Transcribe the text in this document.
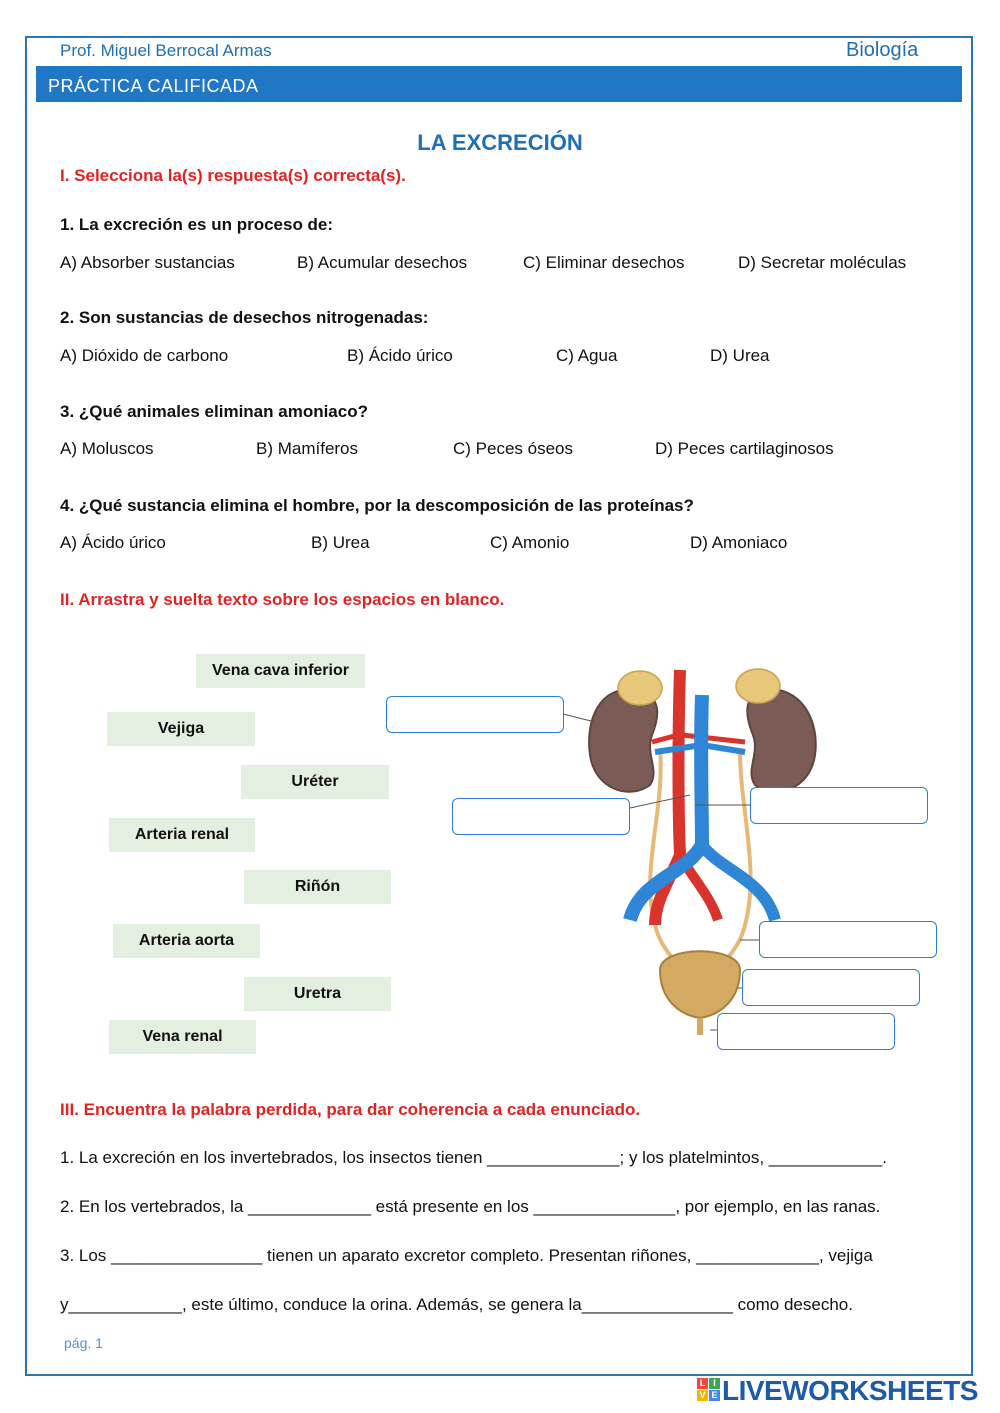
Prof. Miguel Berrocal Armas	Biología
PRÁCTICA CALIFICADA
LA EXCRECIÓN
I. Selecciona la(s) respuesta(s) correcta(s).
1. La excreción es un proceso de:
A) Absorber sustancias	B) Acumular desechos	C) Eliminar desechos	D) Secretar moléculas
2. Son sustancias de desechos nitrogenadas:
A) Dióxido de carbono	B) Ácido úrico	C) Agua	D) Urea
3. ¿Qué animales eliminan amoniaco?
A) Moluscos	B) Mamíferos	C) Peces óseos	D) Peces cartilaginosos
4. ¿Qué sustancia elimina el hombre, por la descomposición de las proteínas?
A) Ácido úrico	B) Urea	C) Amonio	D) Amoniaco
II. Arrastra y suelta texto sobre los espacios en blanco.
Vena cava inferior
Vejiga
Uréter
Arteria renal
Riñón
Arteria aorta
Uretra
Vena renal
III. Encuentra la palabra perdida, para dar coherencia a cada enunciado.
1. La excreción en los invertebrados, los insectos tienen ______________; y los platelmintos, ____________.
2. En los vertebrados, la _____________ está presente en los _______________, por ejemplo, en las ranas.
3. Los ________________ tienen un aparato excretor completo. Presentan riñones, _____________, vejiga
y____________, este último, conduce la orina. Además, se genera la________________ como desecho.
pág. 1
L I
V E LIVEWORKSHEETS
